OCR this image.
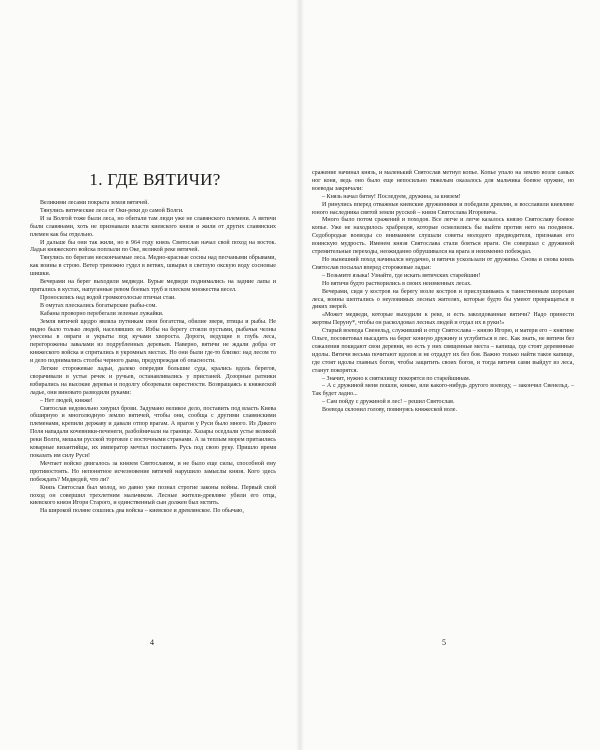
1. ГДЕ ВЯТИЧИ?

Великими лесами покрыта земля вятичей.

Тянулись вятические леса от Оки-реки до самой Волги.

И за Волгой тоже были леса, но обитали там люди уже не славянского племени. А вятичи были славянами, хоть не признавали власти киевского князя и жили от других славянских племен как бы отдельно.

И дальше бы они так жили, но в 964 году князь Святослав начал свой поход на восток. Ладьи княжеского войска поплыли по Оке, великой реке вятичей.

Тянулись по берегам нескончаемые леса. Медно-красные сосны над песчаными обрывами, как воины в строю. Ветер тревожно гудел в ветвях, швырял в светлую окскую воду сосновые шишки.

Вечерами на берег выходили медведи. Бурые медведи поднимались на задние лапы и прятались в кустах, напуганные ревом боевых труб и плеском множества весел.

Проносились над водой громкоголосые птичьи стаи.

В омутах плескались богатырские рыбы-сом.

Кабаны проворно перебегали зеленые лужайки.

Земля вятичей щедро являла путникам свои богатства, обилие зверя, птицы и рыбы. Не видно было только людей, населявших ее. Избы на берегу стояли пустыми, рыбачьи челны унесены в овраги и укрыты под кучами хвороста. Дороги, ведущие в глубь леса, перегорожены завалами из подрубленных деревьев. Наверно, вятичи не ждали добра от княжеского войска и спрятались в укромных местах. Но они были где-то близко: над лесом то и дело поднимались столбы черного дыма, предупреждая об опасности.

Легкие сторожевые ладьи, далеко опередив большие суда, крались вдоль берегов, сворачивали в устья речек и ручьев, останавливались у пристаней. Дозорные ратники взбирались на высокие деревья и подолгу обозревали окрестности. Возвращаясь к княжеской ладье, они виновато разводили руками:

– Нет людей, княже!

Святослав недовольно хмурил брови. Задумано великое дело, поставить под власть Киева обширную и многолюдную землю вятичей, чтобы они, сообща с другими славянскими племенами, крепили державу и давали отпор врагам. А врагов у Руси было много. Из Дикого Поля нападали кочевники-печенеги, разбойничали на границе. Хазары оседлали устье великой реки Волги, мешали русской торговле с восточными странами. А за теплым морем притаились коварные византийцы, их император мечтал поставить Русь под свою руку. Пришло время показать им силу Руси!

Мечтает войско двигалось за князем Святославом, и не было еще силы, способной ему противостоять. Но непонятное исчезновение вятичей нарушило замыслы князя. Кого здесь побеждать? Медведей, что ли?

Князь Святослав был молод, но давно уже познал строгие законы войны. Первый свой поход он совершил трехлетним мальчиком. Лесные жители-древляне убили его отца, киевского князя Игоря Старого, и единственный сын должен был мстить.

На широкой поляне сошлись два войска – киевское и древлянское. По обычаю,

4

сражение начинал князь, и маленький Святослав метнул копье. Копье упало на землю возле самых ног коня, ведь оно было еще непосильно тяжелым оказалось для мальчика боевое оружие, но воеводы закричали:

– Князь начал битву! Последуем, дружина, за князем!

И ринулись вперед отважные киевские дружинники и победили древлян, и восславили киевляне юного наследника святой земли русской – князя Святослава Игоревича.

Много было потом сражений и походов. Все легче и легче казалось князю Святославу боевое копье. Уже не находилось храбрецов, которые осмелились бы выйти против него на поединок. Седобородые воеводы со вниманием слушали советы молодого предводителя, признавая его воинскую мудрость. Именем князя Святослава стали бояться враги. Он совершал с дружиной стремительные переходы, неожиданно обрушивался на врага и неизменно побеждал.

Но нынешний поход начинался неудачно, и вятичи ускользали от дружины. Снова и снова князь Святослав посылал вперед сторожевые ладьи:

– Возьмите языка! Узнайте, где искать вятичских старейшин!

Но вятичи будто растворились в своих неизменных лесах.

Вечерами, сидя у костров на берегу возле костров и прислушиваясь к таинственным шорохам леса, воины шептались о неуловимых лесных жителях, которые будто бы умеют превращаться в диких зверей.

«Может медведи, которые выходили к реке, и есть заколдованные вятичи? Надо принести жертвы Перуну*, чтобы он расколдовал лесных людей и отдал их в руки!»

Старый воевода Свенельд, служивший и отцу Святослава – князю Игорю, и матери его – княгине Ольге, посоветовал высадить на берег конную дружину и углубиться в лес. Как знать, не вятичи без сожаления покидают свои деревни, но есть у них священные места – капища, где стоят деревянные идолы. Вятичи весьма почитают идолов и не отдадут их без боя. Важно только найти такое капище, где стоят идолы главных богов, чтобы защитить своих богов, и тогда вятичи сами выйдут из леса, станут покорятся.

– Значит, нужно к святилищу покорятся по старейшинам.

– А с дружиной меня пошли, княже, или какого-нибудь другого воеводу, – закончил Свенельд. – Так будет ладно...

– Сам пойду с дружиной в лес! – решил Святослав.

Воевода склонил голову, повинуясь княжеской воле.

5
